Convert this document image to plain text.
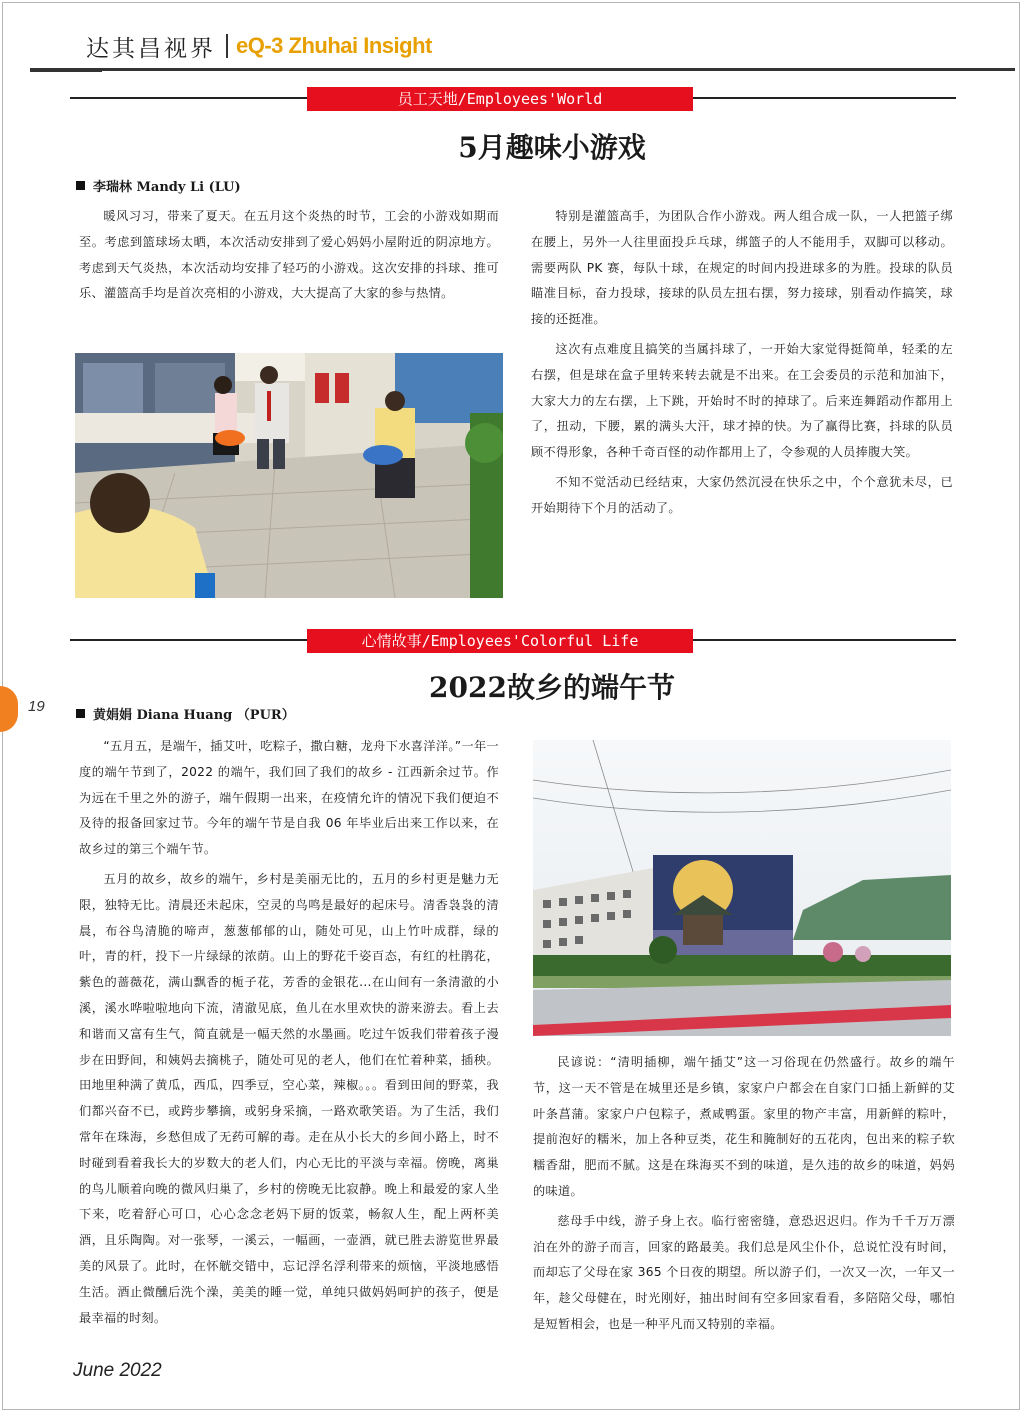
达其昌视界 eQ-3 Zhuhai Insight
员工天地/Employees'World
5月趣味小游戏
李瑞林 Mandy Li (LU)

暖风习习，带来了夏天。在五月这个炎热的时节，工会的小游戏如期而至。考虑到篮球场太晒，本次活动安排到了爱心妈妈小屋附近的阴凉地方。考虑到天气炎热，本次活动均安排了轻巧的小游戏。这次安排的抖球、推可乐、灌篮高手均是首次亮相的小游戏，大大提高了大家的参与热情。

特别是灌篮高手，为团队合作小游戏。两人组合成一队，一人把篮子绑在腰上，另外一人往里面投乒乓球，绑篮子的人不能用手，双脚可以移动。需要两队 PK 赛，每队十球，在规定的时间内投进球多的为胜。投球的队员瞄准目标，奋力投球，接球的队员左扭右摆，努力接球，别看动作搞笑，球接的还挺准。

这次有点难度且搞笑的当属抖球了，一开始大家觉得挺简单，轻柔的左右摆，但是球在盒子里转来转去就是不出来。在工会委员的示范和加油下，大家大力的左右摆，上下跳，开始时不时的掉球了。后来连舞蹈动作都用上了，扭动，下腰，累的满头大汗，球才掉的快。为了赢得比赛，抖球的队员顾不得形象，各种千奇百怪的动作都用上了，令参观的人员捧腹大笑。

不知不觉活动已经结束，大家仍然沉浸在快乐之中，个个意犹未尽，已开始期待下个月的活动了。

心情故事/Employees'Colorful Life
2022故乡的端午节
黄娟娟 Diana Huang （PUR）
19

“五月五，是端午，插艾叶，吃粽子，撒白糖，龙舟下水喜洋洋。”一年一度的端午节到了，2022 的端午，我们回了我们的故乡 - 江西新余过节。作为远在千里之外的游子，端午假期一出来，在疫情允许的情况下我们便迫不及待的报备回家过节。今年的端午节是自我 06 年毕业后出来工作以来，在故乡过的第三个端午节。

五月的故乡，故乡的端午，乡村是美丽无比的，五月的乡村更是魅力无限，独特无比。清晨还未起床，空灵的鸟鸣是最好的起床号。清香袅袅的清晨，布谷鸟清脆的啼声，葱葱郁郁的山，随处可见，山上竹叶成群，绿的叶，青的杆，投下一片绿绿的浓荫。山上的野花千姿百态，有红的杜鹃花，紫色的蔷薇花，满山飘香的栀子花，芳香的金银花...在山间有一条清澈的小溪，溪水哗啦啦地向下流，清澈见底，鱼儿在水里欢快的游来游去。看上去和谐而又富有生气，简直就是一幅天然的水墨画。吃过午饭我们带着孩子漫步在田野间，和姨妈去摘桃子，随处可见的老人，他们在忙着种菜，插秧。田地里种满了黄瓜，西瓜，四季豆，空心菜，辣椒。。。看到田间的野菜，我们都兴奋不已，或跨步攀摘，或躬身采摘，一路欢歌笑语。为了生活，我们常年在珠海，乡愁但成了无药可解的毒。走在从小长大的乡间小路上，时不时碰到看着我长大的岁数大的老人们，内心无比的平淡与幸福。傍晚，离巢的鸟儿顺着向晚的微风归巢了，乡村的傍晚无比寂静。晚上和最爱的家人坐下来，吃着舒心可口，心心念念老妈下厨的饭菜，畅叙人生，配上两杯美酒，且乐陶陶。对一张琴，一溪云，一幅画，一壶酒，就已胜去游览世界最美的风景了。此时，在怀觥交错中，忘记浮名浮利带来的烦恼，平淡地感悟生活。酒止微醺后洗个澡，美美的睡一觉，单纯只做妈妈呵护的孩子，便是最幸福的时刻。

民谚说：“清明插柳，端午插艾”这一习俗现在仍然盛行。故乡的端午节，这一天不管是在城里还是乡镇，家家户户都会在自家门口插上新鲜的艾叶条菖蒲。家家户户包粽子，煮咸鸭蛋。家里的物产丰富，用新鲜的粽叶，提前泡好的糯米，加上各种豆类，花生和腌制好的五花肉，包出来的粽子软糯香甜，肥而不腻。这是在珠海买不到的味道，是久违的故乡的味道，妈妈的味道。

慈母手中线，游子身上衣。临行密密缝，意恐迟迟归。作为千千万万漂泊在外的游子而言，回家的路最美。我们总是风尘仆仆，总说忙没有时间，而却忘了父母在家 365 个日夜的期望。所以游子们，一次又一次，一年又一年，趁父母健在，时光刚好，抽出时间有空多回家看看，多陪陪父母，哪怕是短暂相会，也是一种平凡而又特别的幸福。

June 2022
